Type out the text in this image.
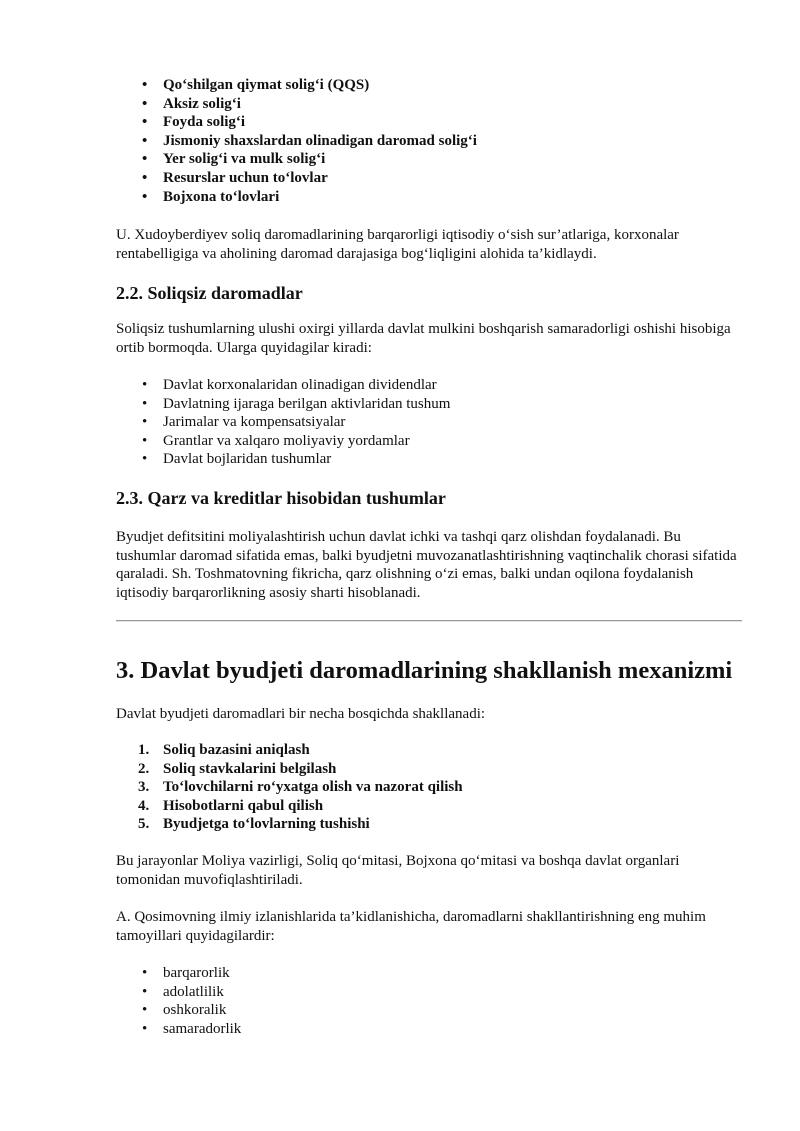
• Qo‘shilgan qiymat solig‘i (QQS)
• Aksiz solig‘i
• Foyda solig‘i
• Jismoniy shaxslardan olinadigan daromad solig‘i
• Yer solig‘i va mulk solig‘i
• Resurslar uchun to‘lovlar
• Bojxona to‘lovlari

U. Xudoyberdiyev soliq daromadlarining barqarorligi iqtisodiy o‘sish sur’atlariga, korxonalar rentabelligiga va aholining daromad darajasiga bog‘liqligini alohida ta’kidlaydi.

2.2. Soliqsiz daromadlar

Soliqsiz tushumlarning ulushi oxirgi yillarda davlat mulkini boshqarish samaradorligi oshishi hisobiga ortib bormoqda. Ularga quyidagilar kiradi:

• Davlat korxonalaridan olinadigan dividendlar
• Davlatning ijaraga berilgan aktivlaridan tushum
• Jarimalar va kompensatsiyalar
• Grantlar va xalqaro moliyaviy yordamlar
• Davlat bojlaridan tushumlar
2.3. Qarz va kreditlar hisobidan tushumlar

Byudjet defitsitini moliyalashtirish uchun davlat ichki va tashqi qarz olishdan foydalanadi. Bu tushumlar daromad sifatida emas, balki byudjetni muvozanatlashtirishning vaqtinchalik chorasi sifatida qaraladi. Sh. Toshmatovning fikricha, qarz olishning o‘zi emas, balki undan oqilona foydalanish iqtisodiy barqarorlikning asosiy sharti hisoblanadi.

3. Davlat byudjeti daromadlarining shakllanish mexanizmi

Davlat byudjeti daromadlari bir necha bosqichda shakllanadi:

1. Soliq bazasini aniqlash
2. Soliq stavkalarini belgilash
3. To‘lovchilarni ro‘yxatga olish va nazorat qilish
4. Hisobotlarni qabul qilish
5. Byudjetga to‘lovlarning tushishi

Bu jarayonlar Moliya vazirligi, Soliq qo‘mitasi, Bojxona qo‘mitasi va boshqa davlat organlari tomonidan muvofiqlashtiriladi.

A. Qosimovning ilmiy izlanishlarida ta’kidlanishicha, daromadlarni shakllantirishning eng muhim tamoyillari quyidagilardir:

• barqarorlik
• adolatlilik
• oshkoralik
• samaradorlik
